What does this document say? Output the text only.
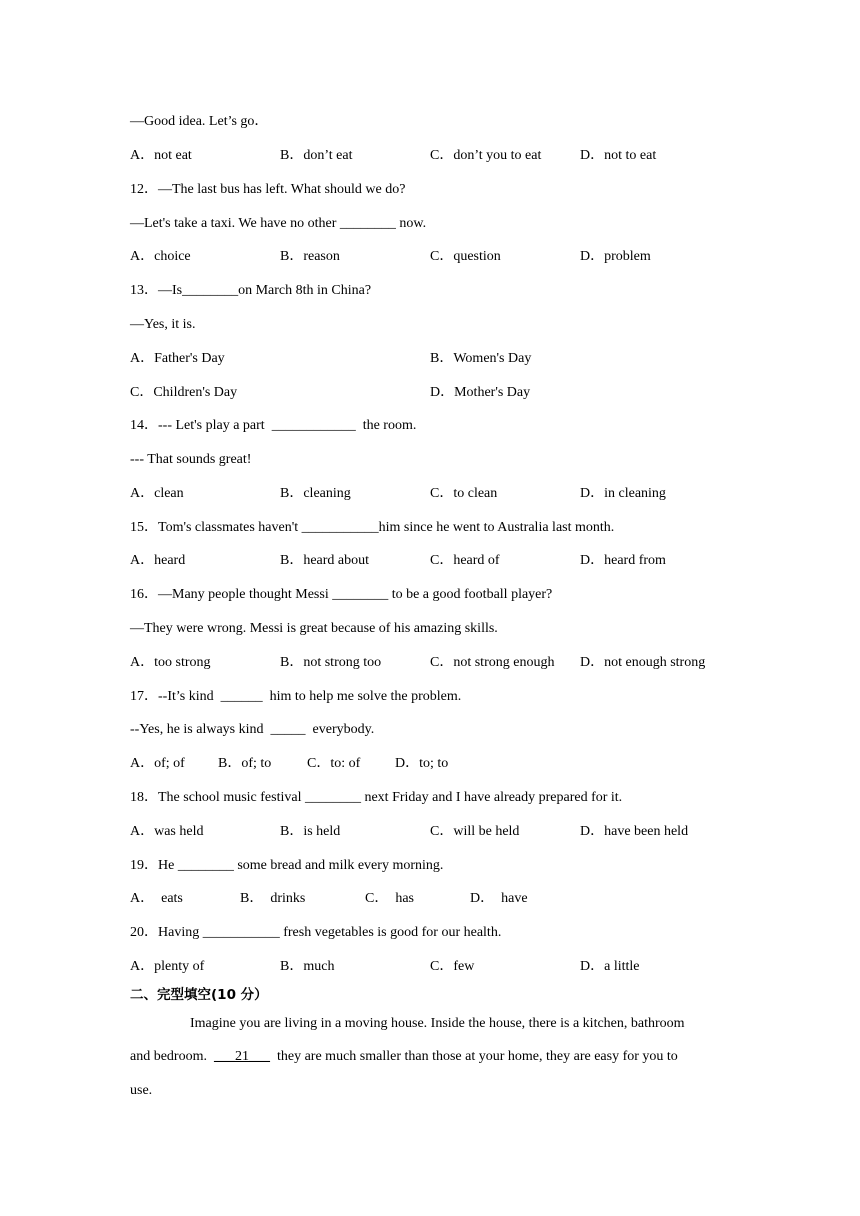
—Good idea. Let’s go．

A．not eat

	B．don’t eat

	C．don’t you to eat

	D．not to eat

12．—The last bus has left. What should we do?
—Let's take a taxi. We have no other ________ now.

A．choice

	B．reason

	C．question

	D．problem

13．—Is________on March 8th in China?
—Yes, it is.

A．Father's Day

	B．Women's Day

C．Children's Day

	D．Mother's Day

14．--- Let's play a part  ____________  the room.
--- That sounds great!

A．clean

	B．cleaning

	C．to clean

	D．in cleaning

15．Tom's classmates haven't ___________him since he went to Australia last month.

A．heard

	B．heard about

	C．heard of

	D．heard from

16．—Many people thought Messi ________ to be a good football player?
—They were wrong. Messi is great because of his amazing skills.

A．too strong

	B．not strong too

	C．not strong enough

D．not enough strong

17．--It’s kind  ______  him to help me solve the problem.
--Yes, he is always kind  _____  everybody.

A．of; of

B．of; to

	C．to: of

D．to; to

18．The school music festival ________ next Friday and I have already prepared for it.

A．was held

	B．is held

	C．will be held

	D．have been held

19．He ________ some bread and milk every morning.

A．  eats

	B．  drinks

	C．  has

	D．  have

20．Having ___________ fresh vegetables is good for our health.

A．plenty of

	B．much

	C．few

	D．a little

二、完型填空(10 分）
Imagine you are living in a moving house. Inside the house, there is a kitchen, bathroom
and bedroom.  ___21___  they are much smaller than those at your home, they are easy for you to
use.
